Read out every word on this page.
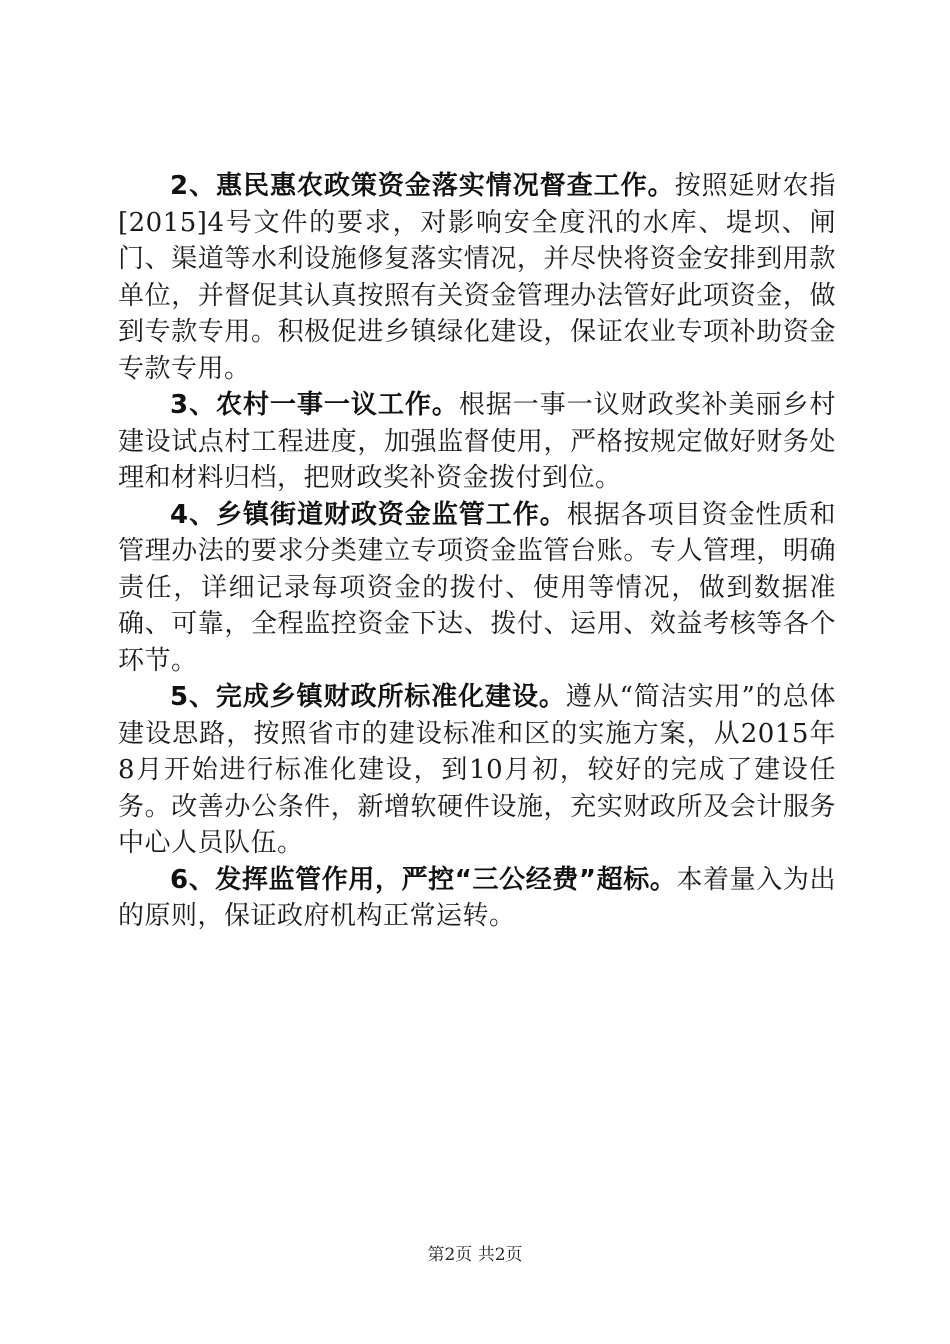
2、惠民惠农政策资金落实情况督查工作。按照延财农指[2015]4号文件的要求，对影响安全度汛的水库、堤坝、闸门、渠道等水利设施修复落实情况，并尽快将资金安排到用款单位，并督促其认真按照有关资金管理办法管好此项资金，做到专款专用。积极促进乡镇绿化建设，保证农业专项补助资金专款专用。

3、农村一事一议工作。根据一事一议财政奖补美丽乡村建设试点村工程进度，加强监督使用，严格按规定做好财务处理和材料归档，把财政奖补资金拨付到位。

4、乡镇街道财政资金监管工作。根据各项目资金性质和管理办法的要求分类建立专项资金监管台账。专人管理，明确责任，详细记录每项资金的拨付、使用等情况，做到数据准确、可靠，全程监控资金下达、拨付、运用、效益考核等各个环节。

5、完成乡镇财政所标准化建设。遵从“简洁实用”的总体建设思路，按照省市的建设标准和区的实施方案，从2015年8月开始进行标准化建设，到10月初，较好的完成了建设任务。改善办公条件，新增软硬件设施，充实财政所及会计服务中心人员队伍。

6、发挥监管作用，严控“三公经费”超标。本着量入为出的原则，保证政府机构正常运转。

第2页 共2页
